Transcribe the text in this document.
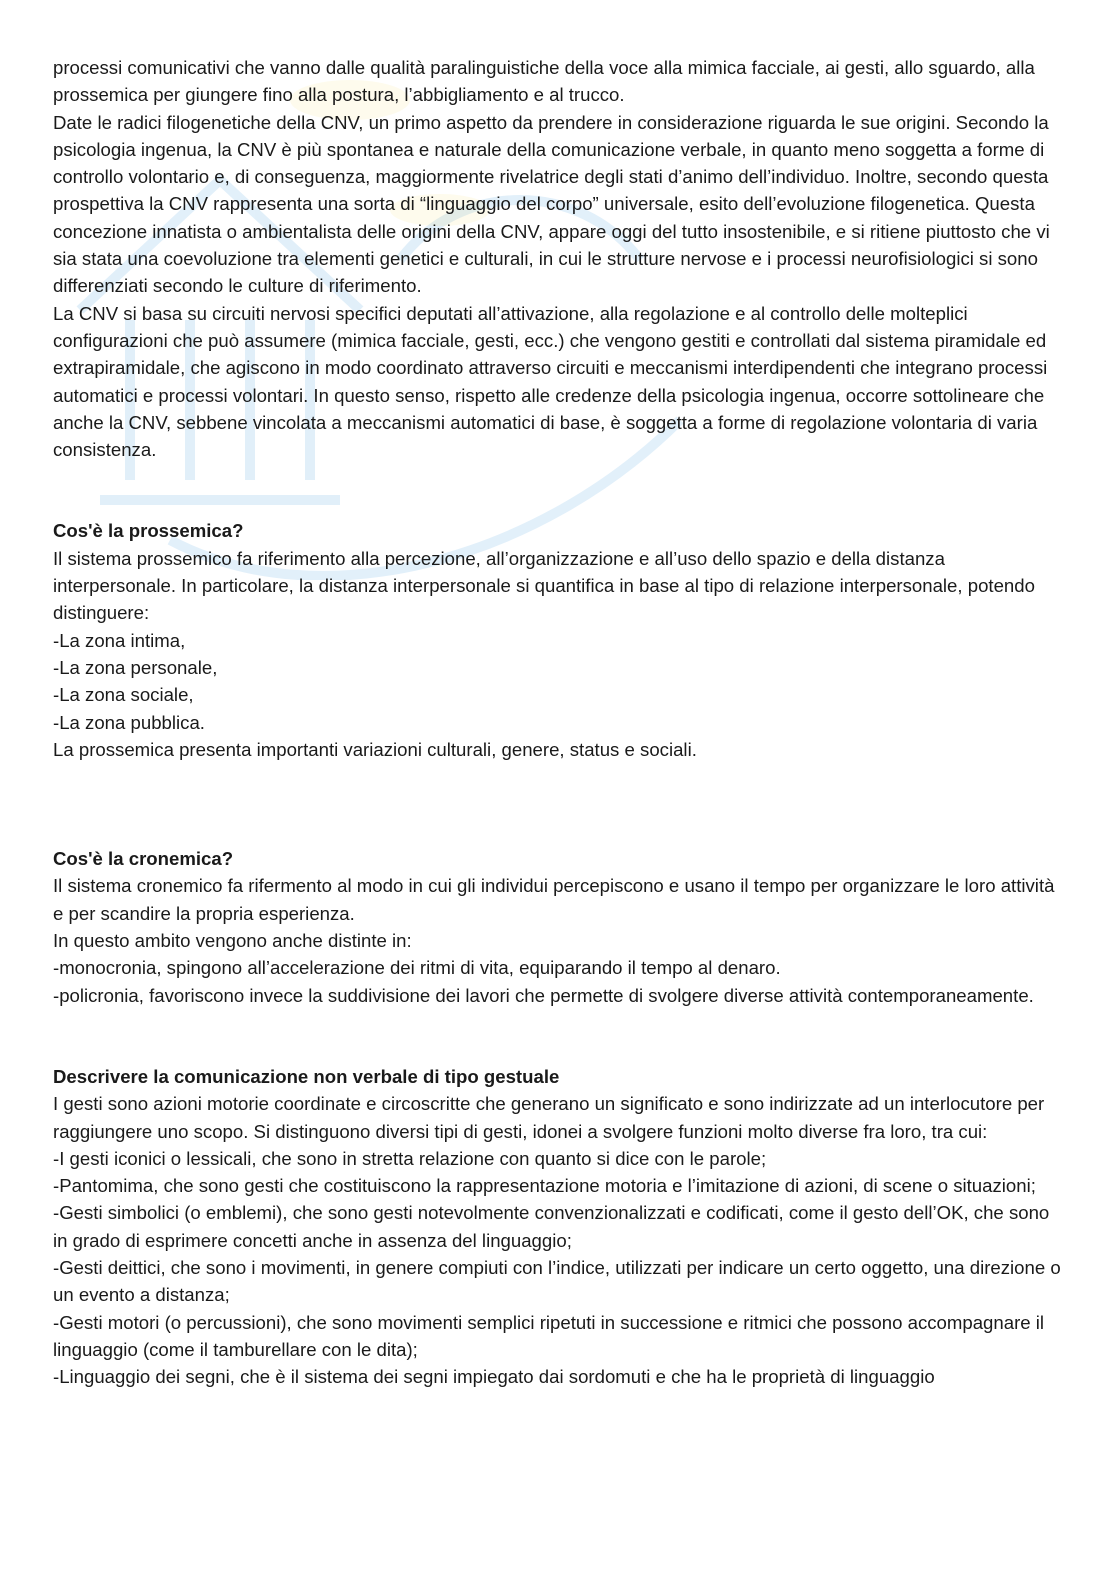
processi comunicativi che vanno dalle qualità paralinguistiche della voce alla mimica facciale, ai gesti, allo sguardo, alla prossemica per giungere fino alla postura, l’abbigliamento e al trucco.

Date le radici filogenetiche della CNV, un primo aspetto da prendere in considerazione riguarda le sue origini. Secondo la psicologia ingenua, la CNV è più spontanea e naturale della comunicazione verbale, in quanto meno soggetta a forme di controllo volontario e, di conseguenza, maggiormente rivelatrice degli stati d’animo dell’individuo. Inoltre, secondo questa prospettiva la CNV rappresenta una sorta di “linguaggio del corpo” universale, esito dell’evoluzione filogenetica. Questa concezione innatista o ambientalista delle origini della CNV, appare oggi del tutto insostenibile, e si ritiene piuttosto che vi sia stata una coevoluzione tra elementi genetici e culturali, in cui le strutture nervose e i processi neurofisiologici si sono differenziati secondo le culture di riferimento.

La CNV si basa su circuiti nervosi specifici deputati all’attivazione, alla regolazione e al controllo delle molteplici configurazioni che può assumere (mimica facciale, gesti, ecc.) che vengono gestiti e controllati dal sistema piramidale ed extrapiramidale, che agiscono in modo coordinato attraverso circuiti e meccanismi interdipendenti che integrano processi automatici e processi volontari. In questo senso, rispetto alle credenze della psicologia ingenua, occorre sottolineare che anche la CNV, sebbene vincolata a meccanismi automatici di base, è soggetta a forme di regolazione volontaria di varia consistenza.

Cos'è la prossemica?

Il sistema prossemico fa riferimento alla percezione, all’organizzazione e all’uso dello spazio e della distanza interpersonale. In particolare, la distanza interpersonale si quantifica in base al tipo di relazione interpersonale, potendo distinguere:

-La zona intima,

-La zona personale,

-La zona sociale,

-La zona pubblica.

La prossemica presenta importanti variazioni culturali, genere, status e sociali.

Cos'è la cronemica?

Il sistema cronemico fa rifermento al modo in cui gli individui percepiscono e usano il tempo per organizzare le loro attività e per scandire la propria esperienza.

In questo ambito vengono anche distinte in:

-monocronia, spingono all’accelerazione dei ritmi di vita, equiparando il tempo al denaro.

-policronia, favoriscono invece la suddivisione dei lavori che permette di svolgere diverse attività contemporaneamente.

Descrivere la comunicazione non verbale di tipo gestuale

I gesti sono azioni motorie coordinate e circoscritte che generano un significato e sono indirizzate ad un interlocutore per raggiungere uno scopo. Si distinguono diversi tipi di gesti, idonei a svolgere funzioni molto diverse fra loro, tra cui:

-I gesti iconici o lessicali, che sono in stretta relazione con quanto si dice con le parole;

-Pantomima, che sono gesti che costituiscono la rappresentazione motoria e l’imitazione di azioni, di scene o situazioni;

-Gesti simbolici (o emblemi), che sono gesti notevolmente convenzionalizzati e codificati, come il gesto dell’OK, che sono in grado di esprimere concetti anche in assenza del linguaggio;

-Gesti deittici, che sono i movimenti, in genere compiuti con l’indice, utilizzati per indicare un certo oggetto, una direzione o un evento a distanza;

-Gesti motori (o percussioni), che sono movimenti semplici ripetuti in successione e ritmici che possono accompagnare il linguaggio (come il tamburellare con le dita);

-Linguaggio dei segni, che è il sistema dei segni impiegato dai sordomuti e che ha le proprietà di linguaggio
